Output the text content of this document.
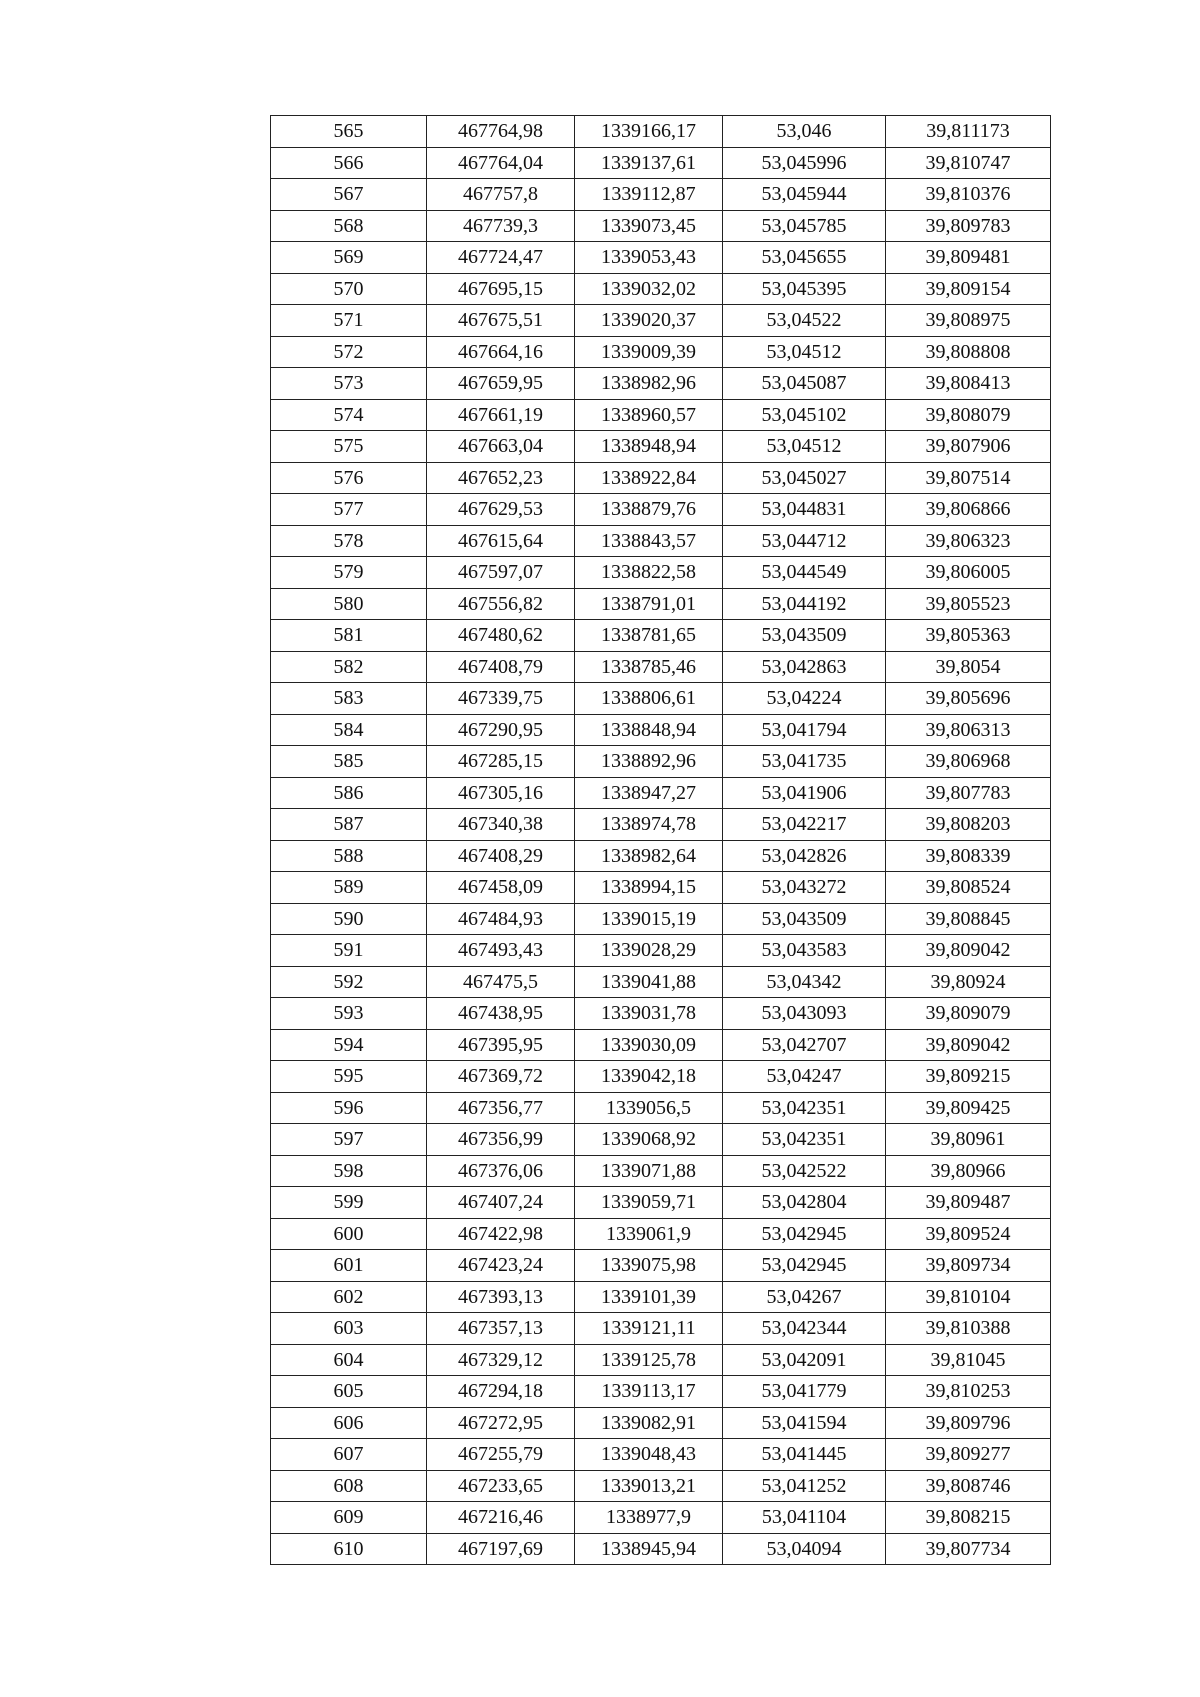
565	467764,98	1339166,17	53,046	39,811173
566	467764,04	1339137,61	53,045996	39,810747
567	467757,8	1339112,87	53,045944	39,810376
568	467739,3	1339073,45	53,045785	39,809783
569	467724,47	1339053,43	53,045655	39,809481
570	467695,15	1339032,02	53,045395	39,809154
571	467675,51	1339020,37	53,04522	39,808975
572	467664,16	1339009,39	53,04512	39,808808
573	467659,95	1338982,96	53,045087	39,808413
574	467661,19	1338960,57	53,045102	39,808079
575	467663,04	1338948,94	53,04512	39,807906
576	467652,23	1338922,84	53,045027	39,807514
577	467629,53	1338879,76	53,044831	39,806866
578	467615,64	1338843,57	53,044712	39,806323
579	467597,07	1338822,58	53,044549	39,806005
580	467556,82	1338791,01	53,044192	39,805523
581	467480,62	1338781,65	53,043509	39,805363
582	467408,79	1338785,46	53,042863	39,8054
583	467339,75	1338806,61	53,04224	39,805696
584	467290,95	1338848,94	53,041794	39,806313
585	467285,15	1338892,96	53,041735	39,806968
586	467305,16	1338947,27	53,041906	39,807783
587	467340,38	1338974,78	53,042217	39,808203
588	467408,29	1338982,64	53,042826	39,808339
589	467458,09	1338994,15	53,043272	39,808524
590	467484,93	1339015,19	53,043509	39,808845
591	467493,43	1339028,29	53,043583	39,809042
592	467475,5	1339041,88	53,04342	39,80924
593	467438,95	1339031,78	53,043093	39,809079
594	467395,95	1339030,09	53,042707	39,809042
595	467369,72	1339042,18	53,04247	39,809215
596	467356,77	1339056,5	53,042351	39,809425
597	467356,99	1339068,92	53,042351	39,80961
598	467376,06	1339071,88	53,042522	39,80966
599	467407,24	1339059,71	53,042804	39,809487
600	467422,98	1339061,9	53,042945	39,809524
601	467423,24	1339075,98	53,042945	39,809734
602	467393,13	1339101,39	53,04267	39,810104
603	467357,13	1339121,11	53,042344	39,810388
604	467329,12	1339125,78	53,042091	39,81045
605	467294,18	1339113,17	53,041779	39,810253
606	467272,95	1339082,91	53,041594	39,809796
607	467255,79	1339048,43	53,041445	39,809277
608	467233,65	1339013,21	53,041252	39,808746
609	467216,46	1338977,9	53,041104	39,808215
610	467197,69	1338945,94	53,04094	39,807734
